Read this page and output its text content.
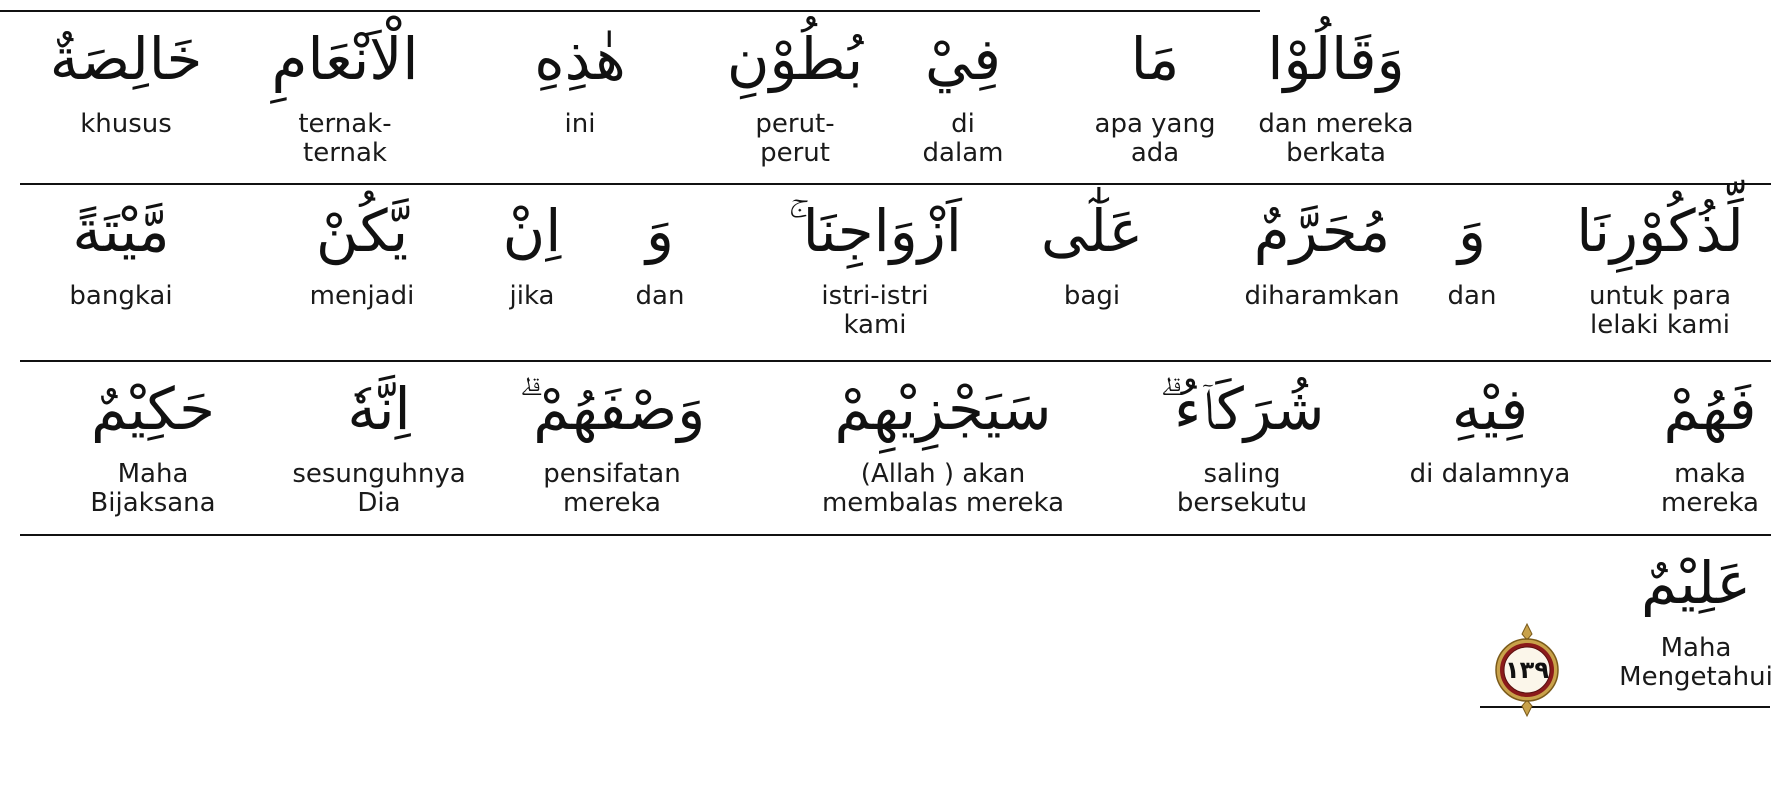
وَقَالُوْا
dan mereka
berkata
مَا
apa yang
ada
فِيْ
di
dalam
بُطُوْنِ
perut-
perut
هٰذِهِ
ini
الْاَنْعَامِ
ternak-
ternak
خَالِصَةٌ
khusus
لِّذُكُوْرِنَا
untuk para
lelaki kami
وَ
dan
مُحَرَّمٌ
diharamkan
عَلٰٓى
bagi
اَزْوَاجِنَا ۚ
istri-istri
kami
وَ
dan
اِنْ
jika
يَّكُنْ
menjadi
مَّيْتَةً
bangkai
فَهُمْ
maka
mereka
فِيْهِ
di dalamnya
شُرَكَاۤءُ ۗ
saling
bersekutu
سَيَجْزِيْهِمْ
(Allah ) akan
membalas mereka
وَصْفَهُمْ ۗ
pensifatan
mereka
اِنَّهٗ
sesunguhnya
Dia
حَكِيْمٌ
Maha
Bijaksana
عَلِيْمٌ
Maha
Mengetahui
١٣٩
